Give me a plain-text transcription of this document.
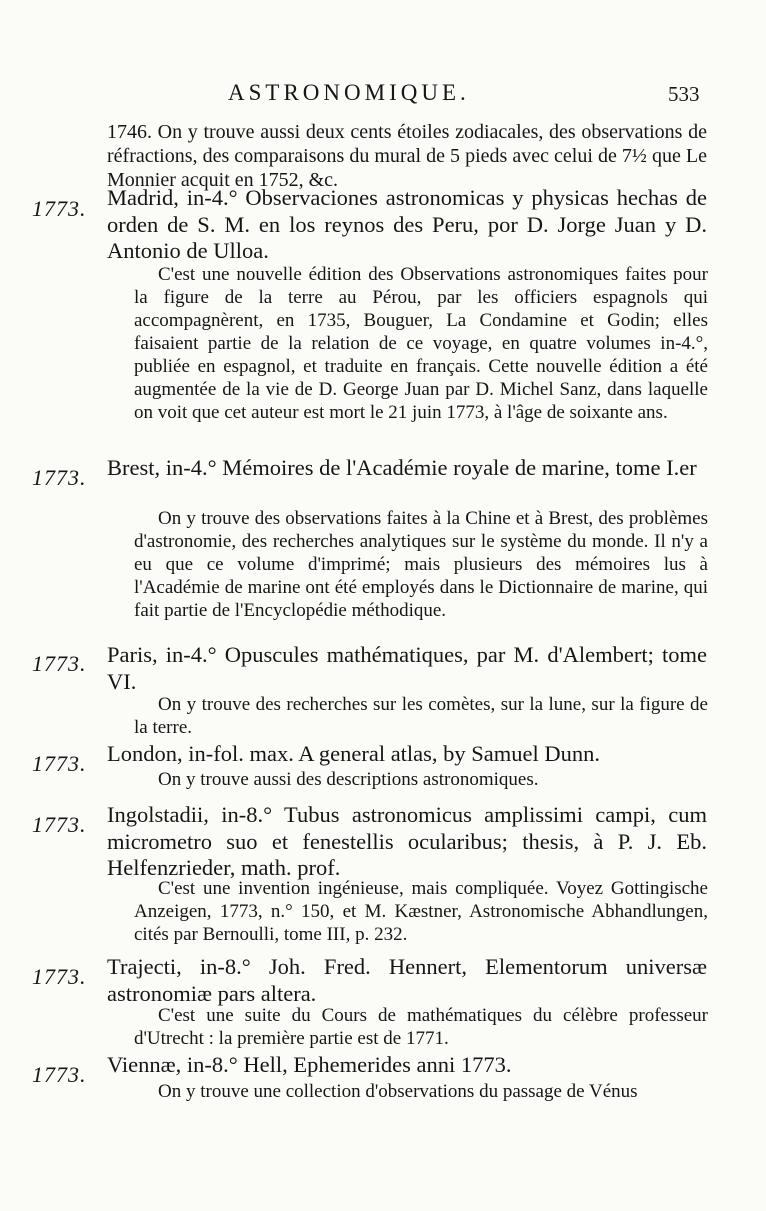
ASTRONOMIQUE.	533

1746. On y trouve aussi deux cents étoiles zodiacales, des observations de réfractions, des comparaisons du mural de 5 pieds avec celui de 7½ que Le Monnier acquit en 1752, &c.

1773. Madrid, in-4.° Observaciones astronomicas y physicas hechas de orden de S. M. en los reynos des Peru, por D. Jorge Juan y D. Antonio de Ulloa.

C'est une nouvelle édition des Observations astronomiques faites pour la figure de la terre au Pérou, par les officiers espagnols qui accompagnèrent, en 1735, Bouguer, La Condamine et Godin; elles faisaient partie de la relation de ce voyage, en quatre volumes in-4.°, publiée en espagnol, et traduite en français. Cette nouvelle édition a été augmentée de la vie de D. George Juan par D. Michel Sanz, dans laquelle on voit que cet auteur est mort le 21 juin 1773, à l'âge de soixante ans.

1773. Brest, in-4.° Mémoires de l'Académie royale de marine, tome I.er

On y trouve des observations faites à la Chine et à Brest, des problèmes d'astronomie, des recherches analytiques sur le système du monde. Il n'y a eu que ce volume d'imprimé; mais plusieurs des mémoires lus à l'Académie de marine ont été employés dans le Dictionnaire de marine, qui fait partie de l'Encyclopédie méthodique.

1773. Paris, in-4.° Opuscules mathématiques, par M. d'Alembert; tome VI.

On y trouve des recherches sur les comètes, sur la lune, sur la figure de la terre.

1773. London, in-fol. max. A general atlas, by Samuel Dunn.

On y trouve aussi des descriptions astronomiques.

1773. Ingolstadii, in-8.° Tubus astronomicus amplissimi campi, cum micrometro suo et fenestellis ocularibus; thesis, à P. J. Eb. Helfenzrieder, math. prof.

C'est une invention ingénieuse, mais compliquée. Voyez Gottingische Anzeigen, 1773, n.° 150, et M. Kæstner, Astronomische Abhandlungen, cités par Bernoulli, tome III, p. 232.

1773. Trajecti, in-8.° Joh. Fred. Hennert, Elementorum universæ astronomiæ pars altera.

C'est une suite du Cours de mathématiques du célèbre professeur d'Utrecht : la première partie est de 1771.

1773. Viennæ, in-8.° Hell, Ephemerides anni 1773.

On y trouve une collection d'observations du passage de Vénus
